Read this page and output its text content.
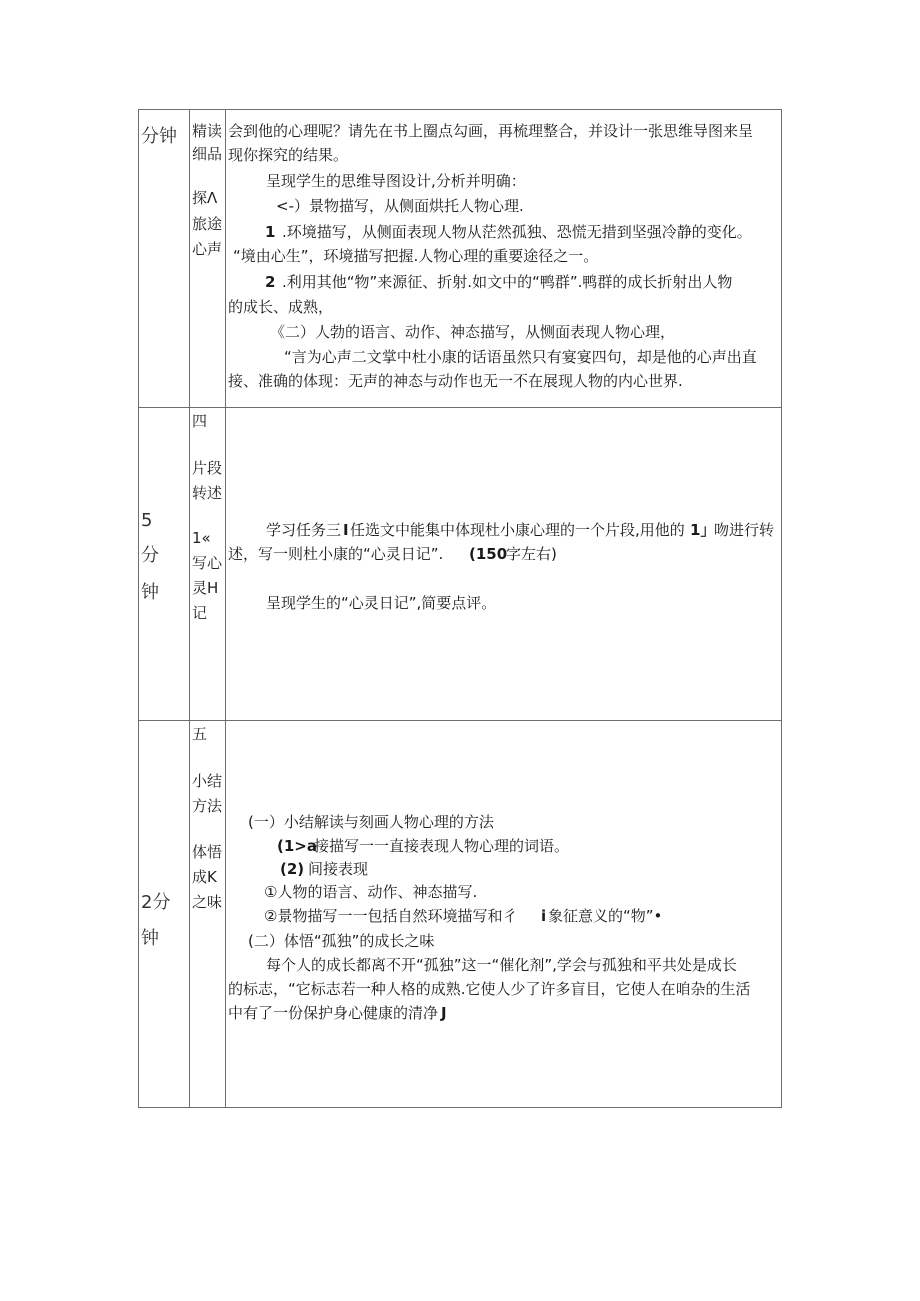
分钟 精读
细品
探Λ
旅途
心声
会到他的心理呢？请先在书上圈点勾画，再梳理整合，并设计一张思维导图来呈
现你探究的结果。
呈现学生的思维导图设计,分析并明确：
<-）景物描写，从侧面烘托人物心理.
1 .环境描写，从侧面表现人物从茫然孤独、恐慌无措到坚强冷静的变化。
“境由心生”，环境描写把握.人物心理的重要途径之一。
2 .利用其他“物”来源征、折射.如文中的“鸭群”.鸭群的成长折射出人物
的成长、成熟，
《二）人勃的语言、动作、神态描写，从恻面表现人物心理，
“言为心声二文掌中杜小康的话语虽然只有宴宴四句，却是他的心声出直
接、准确的体现：无声的神态与动作也无一不在展现人物的内心世界.
5
分
钟
四
片段
转述
1«
写心
灵H
记
学习任务三 I 任选文中能集中体现杜小康心理的一个片段,用他的 1」
吻进行转
述，写一则杜小康的“心灵日记”. (150
字左右)
呈现学生的“心灵日记”,简要点评。
2分
钟
五
小结
方法
体悟
成K
之味
(一）小结解读与刻画人物心理的方法
(1>a
接描写一一直接表现人物心理的词语。
(2) 间接表现
①人物的语言、动作、神态描写.
②景物描写一一包括自然环境描写和彳 i 象征意义的“物”•
(二）体悟“孤独”的成长之味
每个人的成长都离不开“孤独”这一“催化剂”,学会与孤独和平共处是成长
的标志，“它标志若一种人格的成熟.它使人少了许多盲目，它使人在咱杂的生活
中有了一份保护身心健康的清净 J
